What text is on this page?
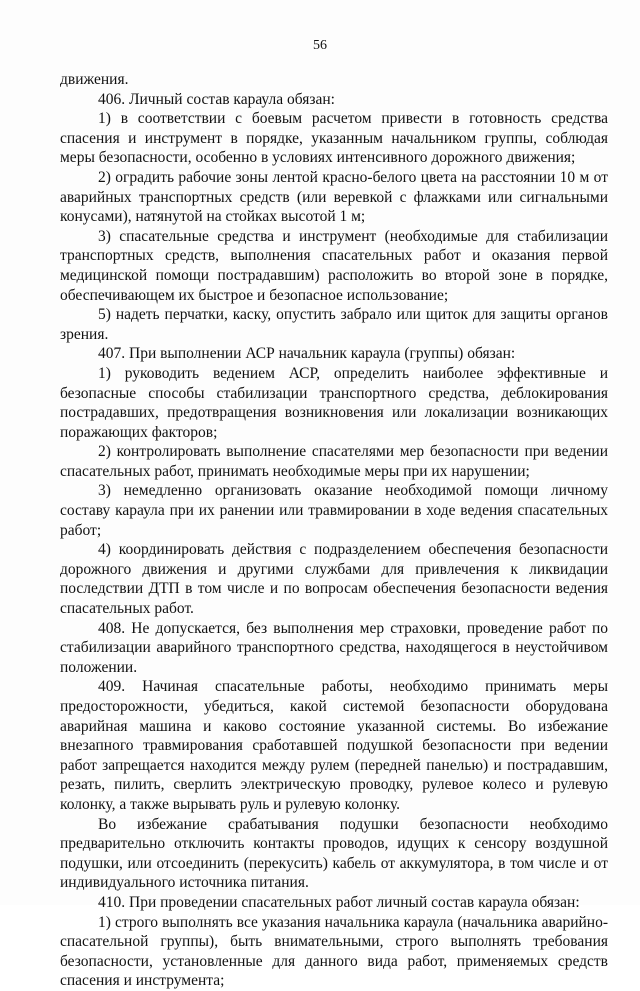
56

движения.

406. Личный состав караула обязан:

1) в соответствии с боевым расчетом привести в готовность средства спасения и инструмент в порядке, указанным начальником группы, соблюдая меры безопасности, особенно в условиях интенсивного дорожного движения;

2) оградить рабочие зоны лентой красно-белого цвета на расстоянии 10 м от аварийных транспортных средств (или веревкой с флажками или сигнальными конусами), натянутой на стойках высотой 1 м;

3) спасательные средства и инструмент (необходимые для стабилизации транспортных средств, выполнения спасательных работ и оказания первой медицинской помощи пострадавшим) расположить во второй зоне в порядке, обеспечивающем их быстрое и безопасное использование;

5) надеть перчатки, каску, опустить забрало или щиток для защиты органов зрения.

407. При выполнении АСР начальник караула (группы) обязан:

1) руководить ведением АСР, определить наиболее эффективные и безопасные способы стабилизации транспортного средства, деблокирования пострадавших, предотвращения возникновения или локализации возникающих поражающих факторов;

2) контролировать выполнение спасателями мер безопасности при ведении спасательных работ, принимать необходимые меры при их нарушении;

3) немедленно организовать оказание необходимой помощи личному составу караула при их ранении или травмировании в ходе ведения спасательных работ;

4) координировать действия с подразделением обеспечения безопасности дорожного движения и другими службами для привлечения к ликвидации последствии ДТП в том числе и по вопросам обеспечения безопасности ведения спасательных работ.

408. Не допускается, без выполнения мер страховки, проведение работ по стабилизации аварийного транспортного средства, находящегося в неустойчивом положении.

409. Начиная спасательные работы, необходимо принимать меры предосторожности, убедиться, какой системой безопасности оборудована аварийная машина и каково состояние указанной системы. Во избежание внезапного травмирования сработавшей подушкой безопасности при ведении работ запрещается находится между рулем (передней панелью) и пострадавшим, резать, пилить, сверлить электрическую проводку, рулевое колесо и рулевую колонку, а также вырывать руль и рулевую колонку.

Во избежание срабатывания подушки безопасности необходимо предварительно отключить контакты проводов, идущих к сенсору воздушной подушки, или отсоединить (перекусить) кабель от аккумулятора, в том числе и от индивидуального источника питания.

410. При проведении спасательных работ личный состав караула обязан:

1) строго выполнять все указания начальника караула (начальника аварийно-спасательной группы), быть внимательными, строго выполнять требования безопасности, установленные для данного вида работ, применяемых средств спасения и инструмента;
